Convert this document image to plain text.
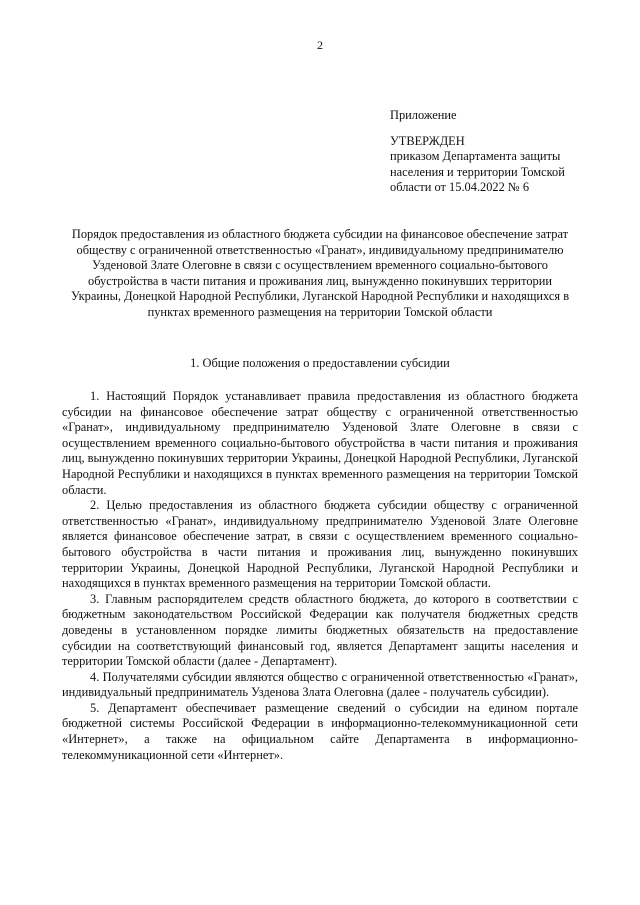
2
Приложение
УТВЕРЖДЕН
приказом Департамента защиты
населения и территории Томской
области от 15.04.2022 № 6
Порядок предоставления из областного бюджета субсидии на финансовое обеспечение затрат обществу с ограниченной ответственностью «Гранат», индивидуальному предпринимателю Узденовой Злате Олеговне в связи с осуществлением временного социально-бытового обустройства в части питания и проживания лиц, вынужденно покинувших территории Украины, Донецкой Народной Республики, Луганской Народной Республики и находящихся в пунктах временного размещения на территории Томской области
1. Общие положения о предоставлении субсидии

1. Настоящий Порядок устанавливает правила предоставления из областного бюджета субсидии на финансовое обеспечение затрат обществу с ограниченной ответственностью «Гранат», индивидуальному предпринимателю Узденовой Злате Олеговне в связи с осуществлением временного социально-бытового обустройства в части питания и проживания лиц, вынужденно покинувших территории Украины, Донецкой Народной Республики, Луганской Народной Республики и находящихся в пунктах временного размещения на территории Томской области.

2. Целью предоставления из областного бюджета субсидии обществу с ограниченной ответственностью «Гранат», индивидуальному предпринимателю Узденовой Злате Олеговне является финансовое обеспечение затрат, в связи с осуществлением временного социально-бытового обустройства в части питания и проживания лиц, вынужденно покинувших территории Украины, Донецкой Народной Республики, Луганской Народной Республики и находящихся в пунктах временного размещения на территории Томской области.

3. Главным распорядителем средств областного бюджета, до которого в соответствии с бюджетным законодательством Российской Федерации как получателя бюджетных средств доведены в установленном порядке лимиты бюджетных обязательств на предоставление субсидии на соответствующий финансовый год, является Департамент защиты населения и территории Томской области (далее - Департамент).

4. Получателями субсидии являются общество с ограниченной ответственностью «Гранат», индивидуальный предприниматель Узденова Злата Олеговна (далее - получатель субсидии).

5. Департамент обеспечивает размещение сведений о субсидии на едином портале бюджетной системы Российской Федерации в информационно-телекоммуникационной сети «Интернет», а также на официальном сайте Департамента в информационно-телекоммуникационной сети «Интернет».
